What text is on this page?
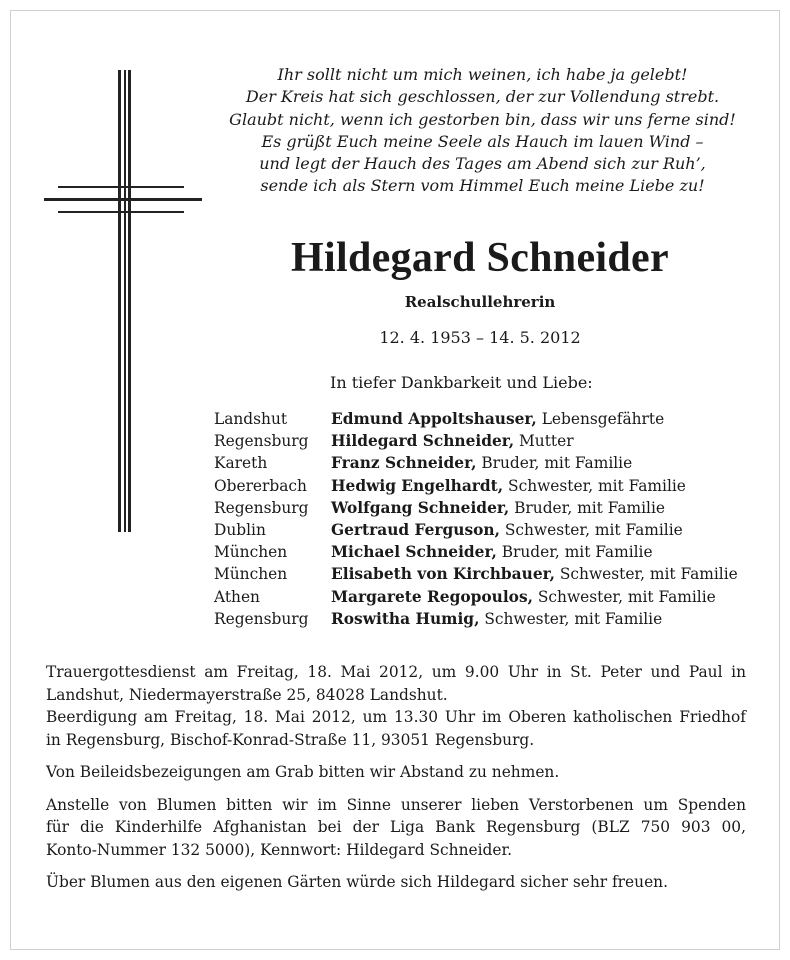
Ihr sollt nicht um mich weinen, ich habe ja gelebt!
Der Kreis hat sich geschlossen, der zur Vollendung strebt.
Glaubt nicht, wenn ich gestorben bin, dass wir uns ferne sind!
Es grüßt Euch meine Seele als Hauch im lauen Wind –
und legt der Hauch des Tages am Abend sich zur Ruh’,
sende ich als Stern vom Himmel Euch meine Liebe zu!
Hildegard Schneider
Realschullehrerin
12. 4. 1953 – 14. 5. 2012
In tiefer Dankbarkeit und Liebe:
Landshut	Edmund Appoltshauser, Lebensgefährte
Regensburg	Hildegard Schneider, Mutter
Kareth	Franz Schneider, Bruder, mit Familie
Obererbach	Hedwig Engelhardt, Schwester, mit Familie
Regensburg	Wolfgang Schneider, Bruder, mit Familie
Dublin	Gertraud Ferguson, Schwester, mit Familie
München	Michael Schneider, Bruder, mit Familie
München	Elisabeth von Kirchbauer, Schwester, mit Familie
Athen	Margarete Regopoulos, Schwester, mit Familie
Regensburg	Roswitha Humig, Schwester, mit Familie

Trauergottesdienst am Freitag, 18. Mai 2012, um 9.00 Uhr in St. Peter und Paul in
Landshut, Niedermayerstraße 25, 84028 Landshut.
Beerdigung am Freitag, 18. Mai 2012, um 13.30 Uhr im Oberen katholischen Friedhof
in Regensburg, Bischof-Konrad-Straße 11, 93051 Regensburg.

Von Beileidsbezeigungen am Grab bitten wir Abstand zu nehmen.

Anstelle von Blumen bitten wir im Sinne unserer lieben Verstorbenen um Spenden
für die Kinderhilfe Afghanistan bei der Liga Bank Regensburg (BLZ 750 903 00,
Konto-Nummer 132 5000), Kennwort: Hildegard Schneider.

Über Blumen aus den eigenen Gärten würde sich Hildegard sicher sehr freuen.
